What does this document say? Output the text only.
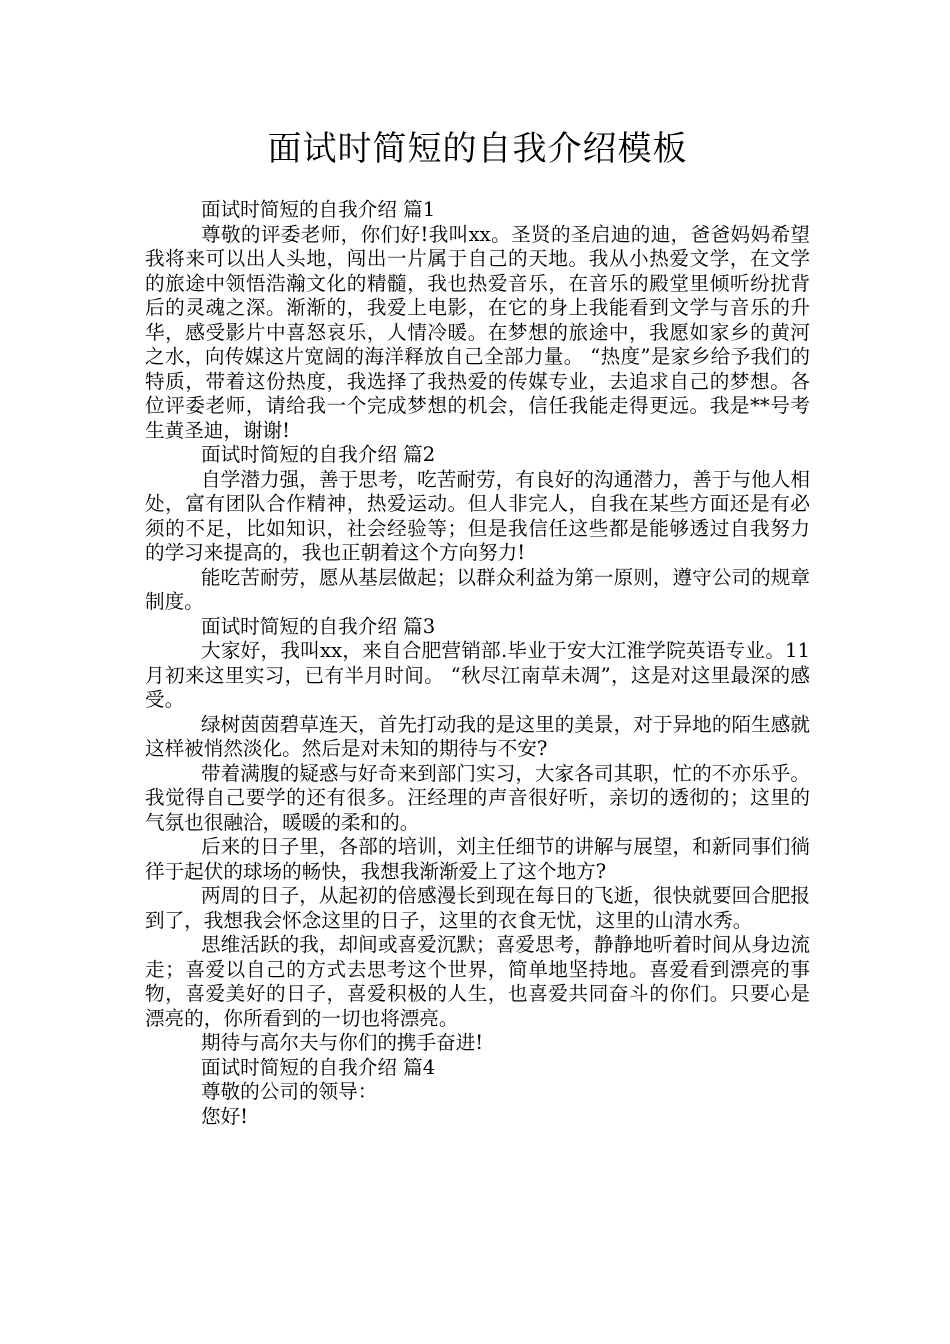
面试时简短的自我介绍模板

面试时简短的自我介绍 篇1

尊敬的评委老师，你们好!我叫xx。圣贤的圣启迪的迪，爸爸妈妈希望我将来可以出人头地，闯出一片属于自己的天地。我从小热爱文学，在文学的旅途中领悟浩瀚文化的精髓，我也热爱音乐，在音乐的殿堂里倾听纷扰背后的灵魂之深。渐渐的，我爱上电影，在它的身上我能看到文学与音乐的升华，感受影片中喜怒哀乐，人情冷暖。在梦想的旅途中，我愿如家乡的黄河之水，向传媒这片宽阔的海洋释放自己全部力量。 “热度”是家乡给予我们的特质，带着这份热度，我选择了我热爱的传媒专业，去追求自己的梦想。各位评委老师，请给我一个完成梦想的机会，信任我能走得更远。我是**号考生黄圣迪，谢谢!

面试时简短的自我介绍 篇2

自学潜力强，善于思考，吃苦耐劳，有良好的沟通潜力，善于与他人相处，富有团队合作精神，热爱运动。但人非完人，自我在某些方面还是有必须的不足，比如知识，社会经验等；但是我信任这些都是能够透过自我努力的学习来提高的，我也正朝着这个方向努力!

能吃苦耐劳，愿从基层做起；以群众利益为第一原则，遵守公司的规章制度。

面试时简短的自我介绍 篇3

大家好，我叫xx，来自合肥营销部.毕业于安大江淮学院英语专业。11月初来这里实习，已有半月时间。 “秋尽江南草未凋”，这是对这里最深的感受。

绿树茵茵碧草连天，首先打动我的是这里的美景，对于异地的陌生感就这样被悄然淡化。然后是对未知的期待与不安?

带着满腹的疑惑与好奇来到部门实习，大家各司其职，忙的不亦乐乎。我觉得自己要学的还有很多。汪经理的声音很好听，亲切的透彻的；这里的气氛也很融洽，暖暖的柔和的。

后来的日子里，各部的培训，刘主任细节的讲解与展望，和新同事们徜徉于起伏的球场的畅快，我想我渐渐爱上了这个地方?

两周的日子，从起初的倍感漫长到现在每日的飞逝，很快就要回合肥报到了，我想我会怀念这里的日子，这里的衣食无忧，这里的山清水秀。

思维活跃的我，却间或喜爱沉默；喜爱思考，静静地听着时间从身边流走；喜爱以自己的方式去思考这个世界，简单地坚持地。喜爱看到漂亮的事物，喜爱美好的日子，喜爱积极的人生，也喜爱共同奋斗的你们。只要心是漂亮的，你所看到的一切也将漂亮。

期待与高尔夫与你们的携手奋进!

面试时简短的自我介绍 篇4

尊敬的公司的领导：

您好!
